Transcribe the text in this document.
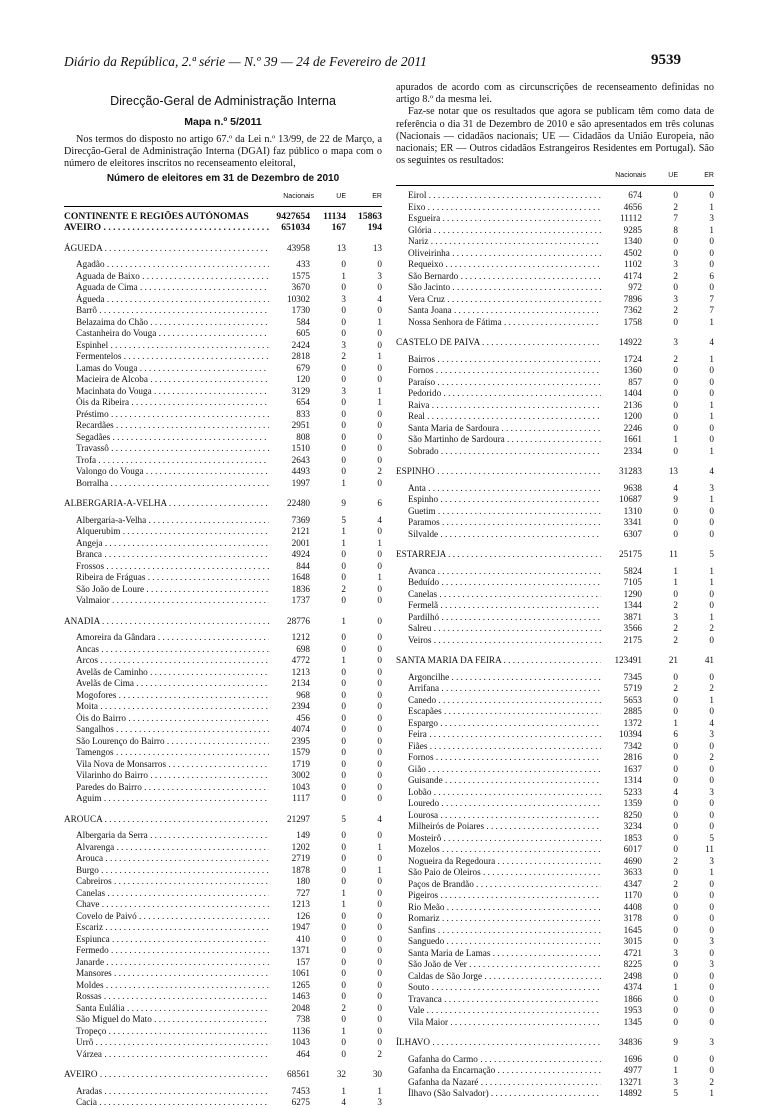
Diário da República, 2.ª série — N.º 39 — 24 de Fevereiro de 2011	9539
Direcção-Geral de Administração Interna
Mapa n.º 5/2011

Nos termos do disposto no artigo 67.º da Lei n.º 13/99, de 22 de Março, a Direcção-Geral de Administração Interna (DGAI) faz público o mapa com o número de eleitores inscritos no recenseamento eleitoral,

Número de eleitores em 31 de Dezembro de 2010
Nacionais	UE	ER
CONTINENTE E REGIÕES AUTÓNOMAS	9427654 11134 15863
AVEIRO . . .	651034 167 194
ÁGUEDA . . .	43958	13	13
Agadão . . .	433	0	0
Aguada de Baixo . . .	1575	1	3
Aguada de Cima . . .	3670	0	0
Águeda . . .	10302	3	4
Barrô . . .	1730	0	0
Belazaima do Chão . . .	584	0	1
Castanheira do Vouga . . .	605	0	0
Espinhel . . .	2424	3	0
Fermentelos . . .	2818	2	1
Lamas do Vouga . . .	679	0	0
Macieira de Alcoba . . .	120	0	0
Macinhata do Vouga . . .	3129	3	1
Óis da Ribeira . . .	654	0	1
Préstimo . . .	833	0	0
Recardães . . .	2951	0	0
Segadães . . .	808	0	0
Travassô . . .	1510	0	0
Trofa . . .	2643	0	0
Valongo do Vouga . . .	4493	0	2
Borralha . . .	1997	1	0
ALBERGARIA-A-VELHA . . .	22480	9	6
Albergaria-a-Velha . . .	7369	5	4
Alquerubim . . .	2121	1	0
Angeja . . .	2001	1	1
Branca . . .	4924	0	0
Frossos . . .	844	0	0
Ribeira de Fráguas . . .	1648	0	1
São João de Loure . . .	1836	2	0
Valmaior . . .	1737	0	0
ANADIA . . .	28776	1	0
Amoreira da Gândara . . .	1212	0	0
Ancas . . .	698	0	0
Arcos . . .	4772	1	0
Avelãs de Caminho . . .	1213	0	0
Avelãs de Cima . . .	2134	0	0
Mogofores . . .	968	0	0
Moita . . .	2394	0	0
Óis do Bairro . . .	456	0	0
Sangalhos . . .	4074	0	0
São Lourenço do Bairro . . .	2395	0	0
Tamengos . . .	1579	0	0
Vila Nova de Monsarros . . .	1719	0	0
Vilarinho do Bairro . . .	3002	0	0
Paredes do Bairro . . .	1043	0	0
Aguim . . .	1117	0	0
AROUCA . . .	21297	5	4
Albergaria da Serra . . .	149	0	0
Alvarenga . . .	1202	0	1
Arouca . . .	2719	0	0
Burgo . . .	1878	0	1
Cabreiros . . .	180	0	0
Canelas . . .	727	1	0
Chave . . .	1213	1	0
Covelo de Paivó . . .	126	0	0
Escariz . . .	1947	0	0
Espiunca . . .	410	0	0
Fermedo . . .	1371	0	0
Janarde . . .	157	0	0
Mansores . . .	1061	0	0
Moldes . . .	1265	0	0
Rossas . . .	1463	0	0
Santa Eulália . . .	2048	2	0
São Miguel do Mato . . .	738	0	0
Tropeço . . .	1136	1	0
Urrô . . .	1043	0	0
Várzea . . .	464	0	2
AVEIRO . . .	68561	32	30
Aradas . . .	7453	1	1
Cacia . . .	6275	4	3

apurados de acordo com as circunscrições de recenseamento definidas no artigo 8.º da mesma lei.

Faz-se notar que os resultados que agora se publicam têm como data de referência o dia 31 de Dezembro de 2010 e são apresentados em três colunas (Nacionais — cidadãos nacionais; UE — Cidadãos da União Europeia, não nacionais; ER — Outros cidadãos Estrangeiros Residentes em Portugal). São os seguintes os resultados:

Nacionais	UE	ER
Eirol . . .	674	0	0
Eixo . . .	4656	2	1
Esgueira . . .	11112	7	3
Glória . . .	9285	8	1
Nariz . . .	1340	0	0
Oliveirinha . . .	4502	0	0
Requeixo . . .	1102	3	0
São Bernardo . . .	4174	2	6
São Jacinto . . .	972	0	0
Vera Cruz . . .	7896	3	7
Santa Joana . . .	7362	2	7
Nossa Senhora de Fátima . . .	1758	0	1
CASTELO DE PAIVA . . .	14922	3	4
Bairros . . .	1724	2	1
Fornos . . .	1360	0	0
Paraíso . . .	857	0	0
Pedorido . . .	1404	0	0
Raiva . . .	2136	0	1
Real . . .	1200	0	1
Santa Maria de Sardoura . . .	2246	0	0
São Martinho de Sardoura . . .	1661	1	0
Sobrado . . .	2334	0	1
ESPINHO . . .	31283	13	4
Anta . . .	9638	4	3
Espinho . . .	10687	9	1
Guetim . . .	1310	0	0
Paramos . . .	3341	0	0
Silvalde . . .	6307	0	0
ESTARREJA . . .	25175	11	5
Avanca . . .	5824	1	1
Beduído . . .	7105	1	1
Canelas . . .	1290	0	0
Fermelã . . .	1344	2	0
Pardilhó . . .	3871	3	1
Salreu . . .	3566	2	2
Veiros . . .	2175	2	0
SANTA MARIA DA FEIRA . . .	123491	21	41
Argoncilhe . . .	7345	0	0
Arrifana . . .	5719	2	2
Canedo . . .	5653	0	1
Escapães . . .	2885	0	0
Espargo . . .	1372	1	4
Feira . . .	10394	6	3
Fiães . . .	7342	0	0
Fornos . . .	2816	0	2
Gião . . .	1637	0	0
Guisande . . .	1314	0	0
Lobão . . .	5233	4	3
Louredo . . .	1359	0	0
Lourosa . . .	8250	0	0
Milheirós de Poiares . . .	3234	0	0
Mosteirô . . .	1853	0	5
Mozelos . . .	6017	0	11
Nogueira da Regedoura . . .	4690	2	3
São Paio de Oleiros . . .	3633	0	1
Paços de Brandão . . .	4347	2	0
Pigeiros . . .	1170	0	0
Rio Meão . . .	4408	0	0
Romariz . . .	3178	0	0
Sanfins . . .	1645	0	0
Sanguedo . . .	3015	0	3
Santa Maria de Lamas . . .	4721	3	0
São João de Ver . . .	8225	0	3
Caldas de São Jorge . . .	2498	0	0
Souto . . .	4374	1	0
Travanca . . .	1866	0	0
Vale . . .	1953	0	0
Vila Maior . . .	1345	0	0
ÍLHAVO . . .	34836	9	3
Gafanha do Carmo . . .	1696	0	0
Gafanha da Encarnação . . .	4977	1	0
Gafanha da Nazaré . . .	13271	3	2
Ílhavo (São Salvador) . . .	14892	5	1
